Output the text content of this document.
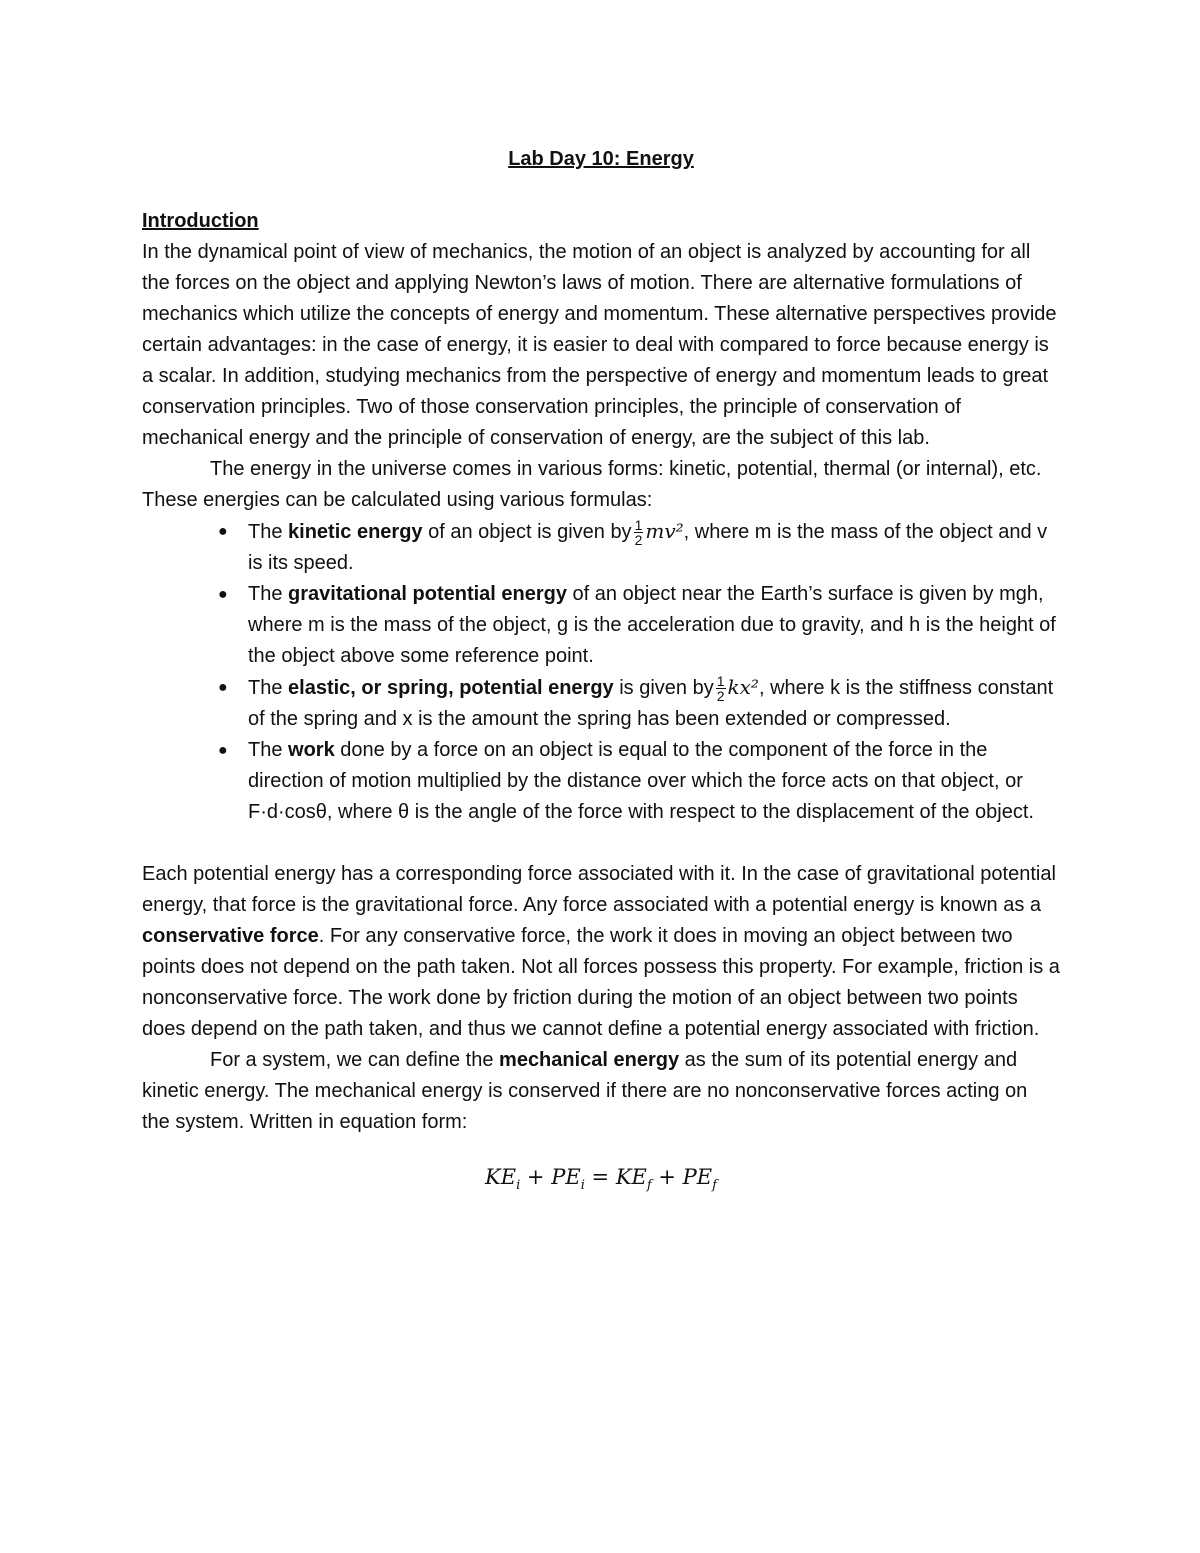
Lab Day 10: Energy
Introduction

In the dynamical point of view of mechanics, the motion of an object is analyzed by accounting for all the forces on the object and applying Newton’s laws of motion. There are alternative formulations of mechanics which utilize the concepts of energy and momentum. These alternative perspectives provide certain advantages: in the case of energy, it is easier to deal with compared to force because energy is a scalar. In addition, studying mechanics from the perspective of energy and momentum leads to great conservation principles. Two of those conservation principles, the principle of conservation of mechanical energy and the principle of conservation of energy, are the subject of this lab.

The energy in the universe comes in various forms: kinetic, potential, thermal (or internal), etc. These energies can be calculated using various formulas:

● The kinetic energy of an object is given by $\frac{1}{2} mv^2$, where m is the mass of the object and v is its speed.
● The gravitational potential energy of an object near the Earth’s surface is given by mgh, where m is the mass of the object, g is the acceleration due to gravity, and h is the height of the object above some reference point.
● The elastic, or spring, potential energy is given by $\frac{1}{2} kx^2$, where k is the stiffness constant of the spring and x is the amount the spring has been extended or compressed.
● The work done by a force on an object is equal to the component of the force in the direction of motion multiplied by the distance over which the force acts on that object, or F·d·cosθ, where θ is the angle of the force with respect to the displacement of the object.

Each potential energy has a corresponding force associated with it. In the case of gravitational potential energy, that force is the gravitational force. Any force associated with a potential energy is known as a conservative force. For any conservative force, the work it does in moving an object between two points does not depend on the path taken. Not all forces possess this property. For example, friction is a nonconservative force. The work done by friction during the motion of an object between two points does depend on the path taken, and thus we cannot define a potential energy associated with friction.

For a system, we can define the mechanical energy as the sum of its potential energy and kinetic energy. The mechanical energy is conserved if there are no nonconservative forces acting on the system. Written in equation form:

$KE_i + PE_i = KE_f + PE_f$
